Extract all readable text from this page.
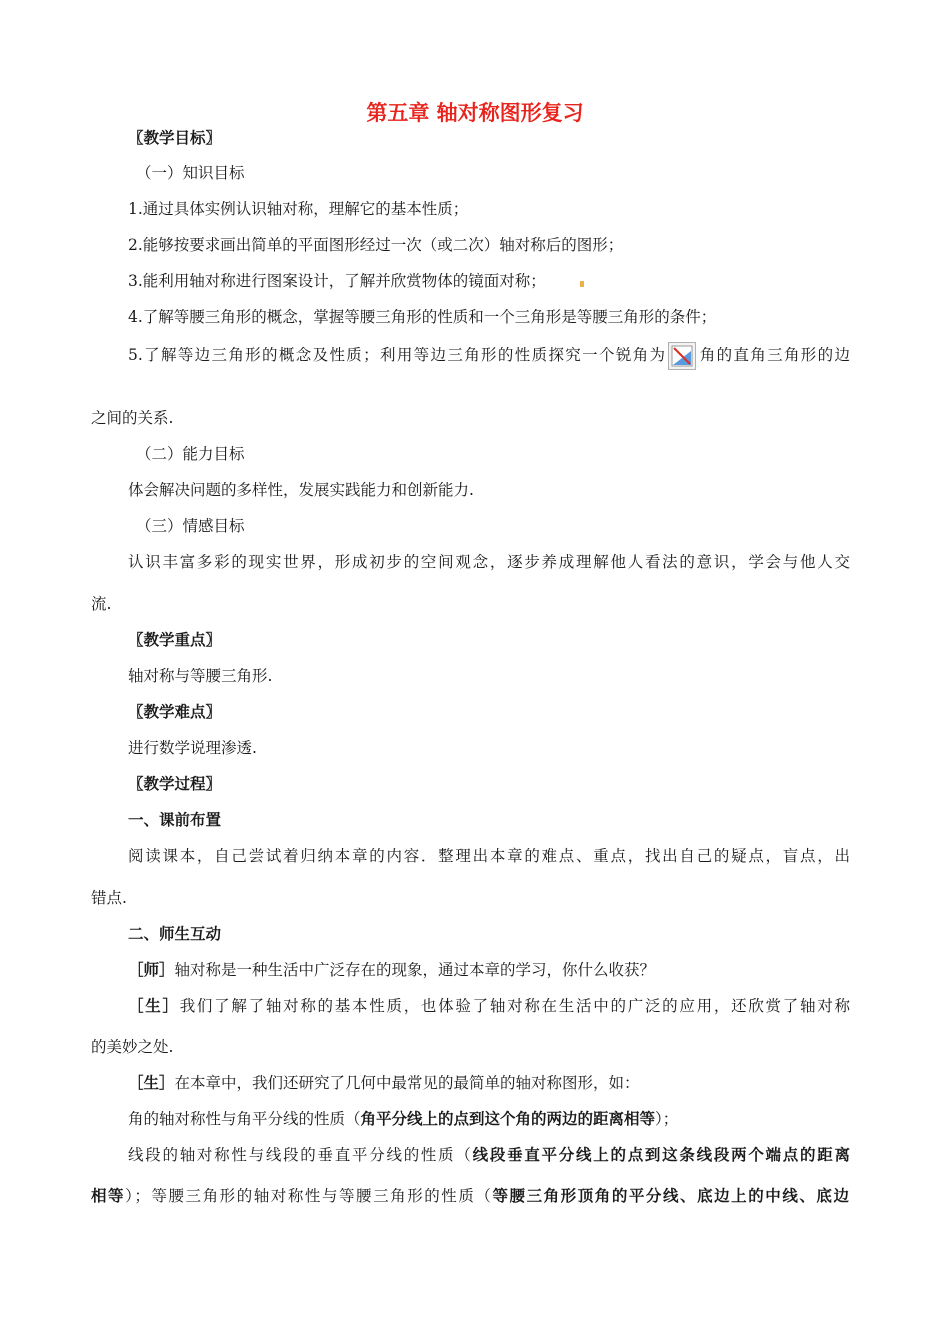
第五章 轴对称图形复习

〖教学目标〗

（一）知识目标

1.通过具体实例认识轴对称，理解它的基本性质；

2.能够按要求画出简单的平面图形经过一次（或二次）轴对称后的图形；

3.能利用轴对称进行图案设计，了解并欣赏物体的镜面对称；

4.了解等腰三角形的概念，掌握等腰三角形的性质和一个三角形是等腰三角形的条件；

5.了解等边三角形的概念及性质；利用等边三角形的性质探究一个锐角为 角的直角三角形的边

之间的关系.

（二）能力目标

体会解决问题的多样性，发展实践能力和创新能力.

（三）情感目标

认识丰富多彩的现实世界，形成初步的空间观念，逐步养成理解他人看法的意识，学会与他人交

流.

〖教学重点〗

轴对称与等腰三角形.

〖教学难点〗

进行数学说理渗透.

〖教学过程〗

一、课前布置

阅读课本，自己尝试着归纳本章的内容．整理出本章的难点、重点，找出自己的疑点，盲点，出

错点.

二、师生互动

［师］轴对称是一种生活中广泛存在的现象，通过本章的学习，你什么收获？

［生］我们了解了轴对称的基本性质，也体验了轴对称在生活中的广泛的应用，还欣赏了轴对称

的美妙之处.

［生］在本章中，我们还研究了几何中最常见的最简单的轴对称图形，如：

角的轴对称性与角平分线的性质（角平分线上的点到这个角的两边的距离相等）；

线段的轴对称性与线段的垂直平分线的性质（线段垂直平分线上的点到这条线段两个端点的距离

相等）；等腰三角形的轴对称性与等腰三角形的性质（等腰三角形顶角的平分线、底边上的中线、底边
